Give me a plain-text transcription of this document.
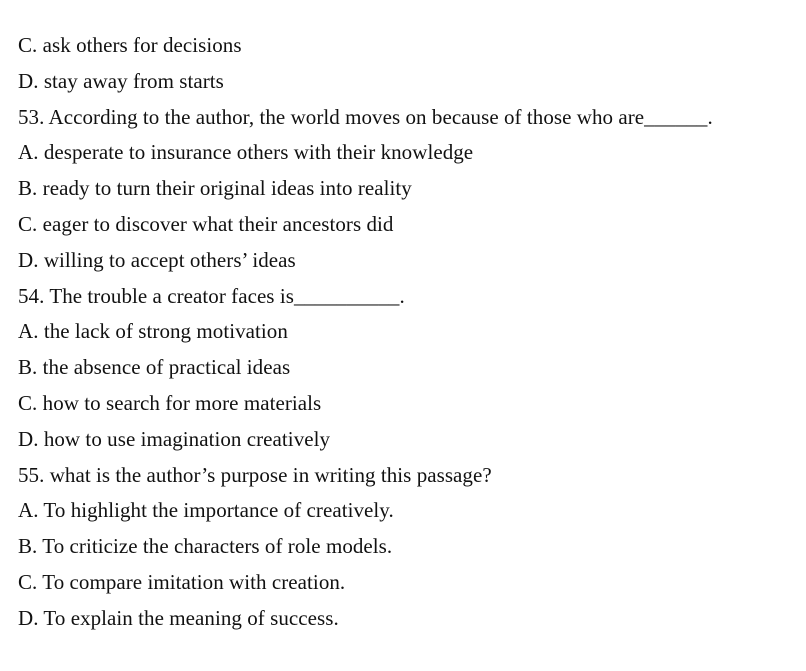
C. ask others for decisions
D. stay away from starts
53. According to the author, the world moves on because of those who are______.
A. desperate to insurance others with their knowledge
B. ready to turn their original ideas into reality
C. eager to discover what their ancestors did
D. willing to accept others’ ideas
54. The trouble a creator faces is__________.
A. the lack of strong motivation
B. the absence of practical ideas
C. how to search for more materials
D. how to use imagination creatively
55. what is the author’s purpose in writing this passage?
A. To highlight the importance of creatively.
B. To criticize the characters of role models.
C. To compare imitation with creation.
D. To explain the meaning of success.
